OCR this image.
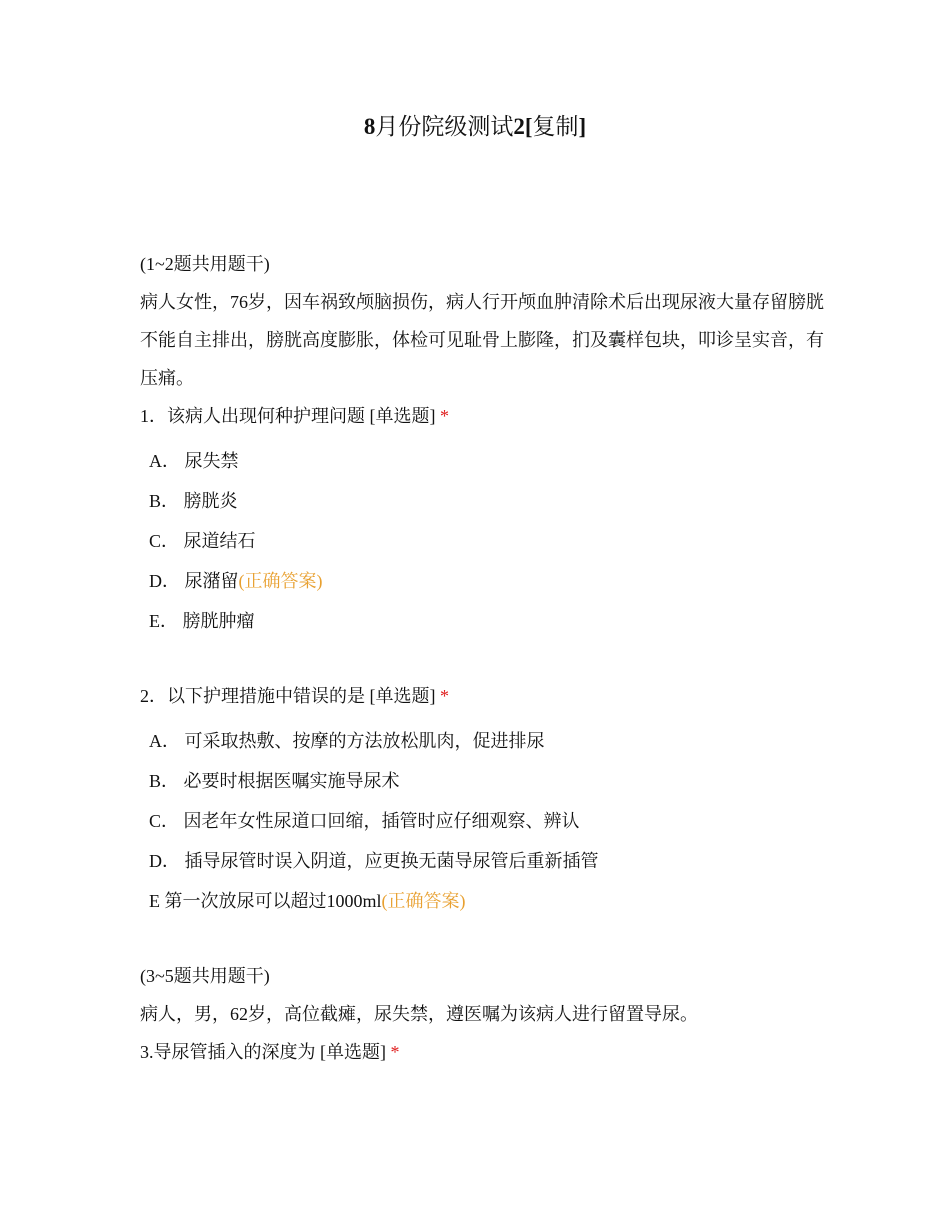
8月份院级测试2[复制]
(1~2题共用题干)
病人女性，76岁，因车祸致颅脑损伤，病人行开颅血肿清除术后出现尿液大量存留膀胱不能自主排出，膀胱高度膨胀，体检可见耻骨上膨隆，扪及囊样包块，叩诊呈实音，有压痛。
1．该病人出现何种护理问题 [单选题] *
A． 尿失禁
B． 膀胱炎
C． 尿道结石
D． 尿潴留(正确答案)
E． 膀胱肿瘤
2．以下护理措施中错误的是 [单选题] *
A． 可采取热敷、按摩的方法放松肌肉，促进排尿
B． 必要时根据医嘱实施导尿术
C． 因老年女性尿道口回缩，插管时应仔细观察、辨认
D． 插导尿管时误入阴道，应更换无菌导尿管后重新插管
E 第一次放尿可以超过1000ml(正确答案)
(3~5题共用题干)
病人，男，62岁，高位截瘫，尿失禁，遵医嘱为该病人进行留置导尿。
3.导尿管插入的深度为 [单选题] *
